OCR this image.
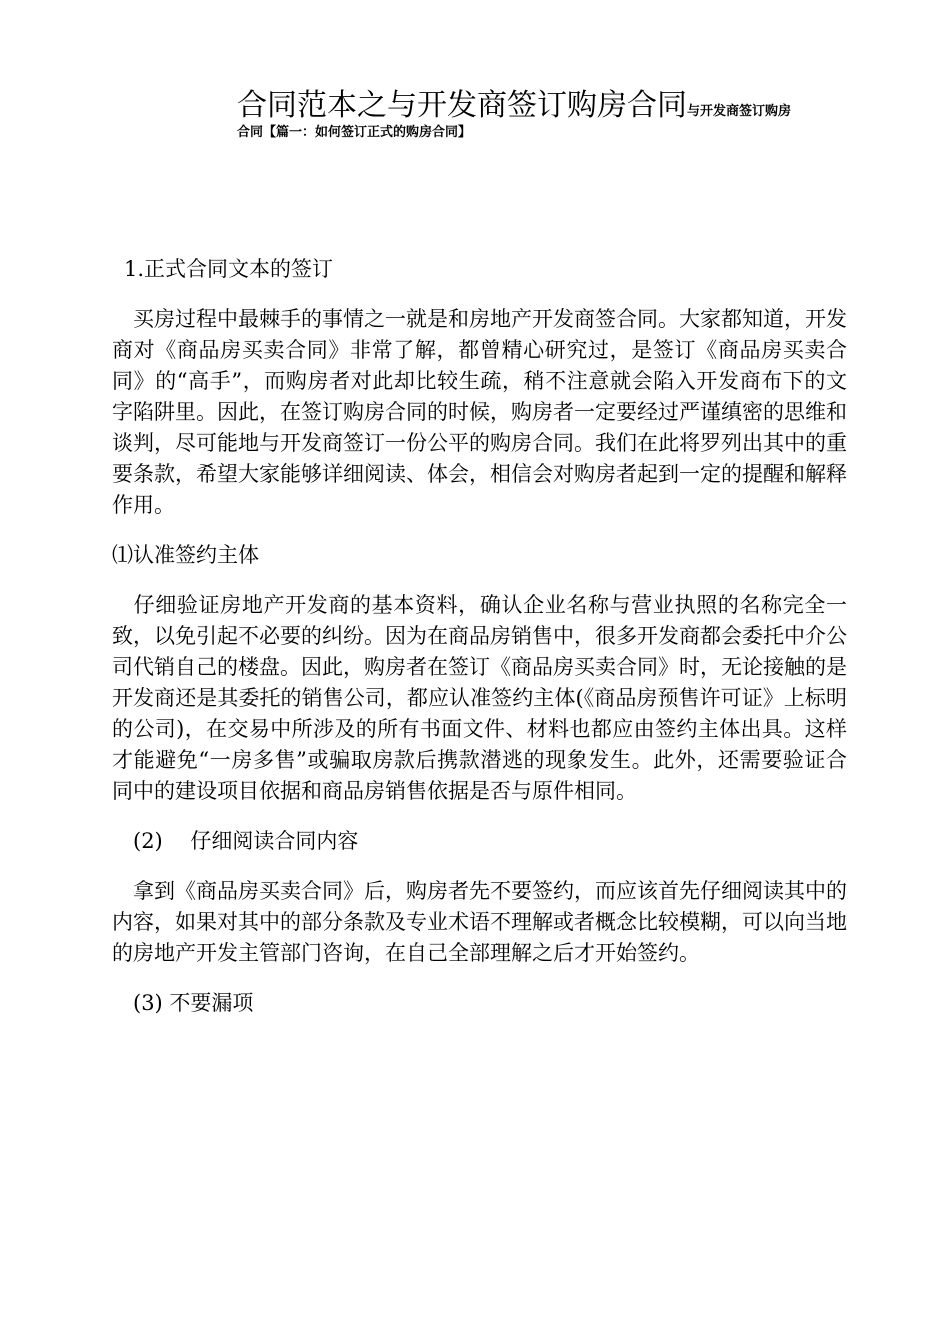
合同范本之与开发商签订购房合同与开发商签订购房
合同【篇一：如何签订正式的购房合同】
1.正式合同文本的签订
　买房过程中最棘手的事情之一就是和房地产开发商签合同。大家都知道，开发商对《商品房买卖合同》非常了解，都曾精心研究过，是签订《商品房买卖合同》的“高手”，而购房者对此却比较生疏，稍不注意就会陷入开发商布下的文字陷阱里。因此，在签订购房合同的时候，购房者一定要经过严谨缜密的思维和谈判，尽可能地与开发商签订一份公平的购房合同。我们在此将罗列出其中的重要条款，希望大家能够详细阅读、体会，相信会对购房者起到一定的提醒和解释作用。
⑴认准签约主体
　仔细验证房地产开发商的基本资料，确认企业名称与营业执照的名称完全一致，以免引起不必要的纠纷。因为在商品房销售中，很多开发商都会委托中介公司代销自己的楼盘。因此，购房者在签订《商品房买卖合同》时，无论接触的是开发商还是其委托的销售公司，都应认准签约主体(《商品房预售许可证》上标明的公司)，在交易中所涉及的所有书面文件、材料也都应由签约主体出具。这样才能避免“一房多售”或骗取房款后携款潜逃的现象发生。此外，还需要验证合同中的建设项目依据和商品房销售依据是否与原件相同。
　(2)　 仔细阅读合同内容
　拿到《商品房买卖合同》后，购房者先不要签约，而应该首先仔细阅读其中的内容，如果对其中的部分条款及专业术语不理解或者概念比较模糊，可以向当地的房地产开发主管部门咨询，在自己全部理解之后才开始签约。
　(3) 不要漏项
